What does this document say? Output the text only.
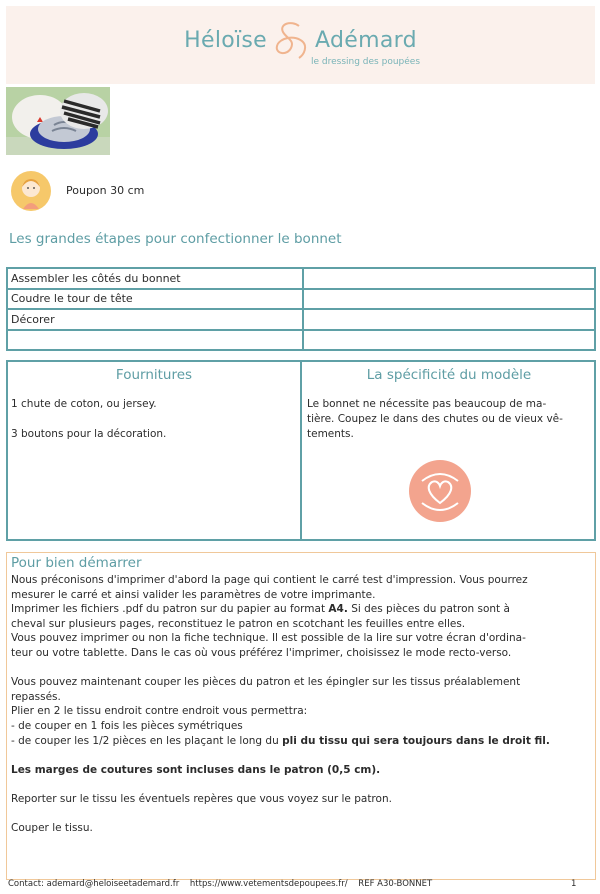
Héloïse Adémard
le dressing des poupées
Poupon 30 cm
Les grandes étapes pour confectionner le bonnet
Assembler les côtés du bonnet	
Coudre le tour de tête	
Décorer	

Fournitures
1 chute de coton, ou jersey.
3 boutons pour la décoration.
La spécificité du modèle
Le bonnet ne nécessite pas beaucoup de ma-
tière. Coupez le dans des chutes ou de vieux vê-
tements.
Pour bien démarrer

Nous préconisons d'imprimer d'abord la page qui contient le carré test d'impression. Vous pourrez

mesurer le carré et ainsi valider les paramètres de votre imprimante.

Imprimer les fichiers .pdf du patron sur du papier au format A4. Si des pièces du patron sont à

cheval sur plusieurs pages, reconstituez le patron en scotchant les feuilles entre elles.

Vous pouvez imprimer ou non la fiche technique. Il est possible de la lire sur votre écran d'ordina-

teur ou votre tablette. Dans le cas où vous préférez l'imprimer, choisissez le mode recto-verso.

Vous pouvez maintenant couper les pièces du patron et les épingler sur les tissus préalablement

repassés.

Plier en 2 le tissu endroit contre endroit vous permettra:

- de couper en 1 fois les pièces symétriques

- de couper les 1/2 pièces en les plaçant le long du pli du tissu qui sera toujours dans le droit fil.

Les marges de coutures sont incluses dans le patron (0,5 cm).

Reporter sur le tissu les éventuels repères que vous voyez sur le patron.

Couper le tissu.

Contact: ademard@heloiseetademard.fr https://www.vetementsdepoupees.fr/ REF A30-BONNET	1
